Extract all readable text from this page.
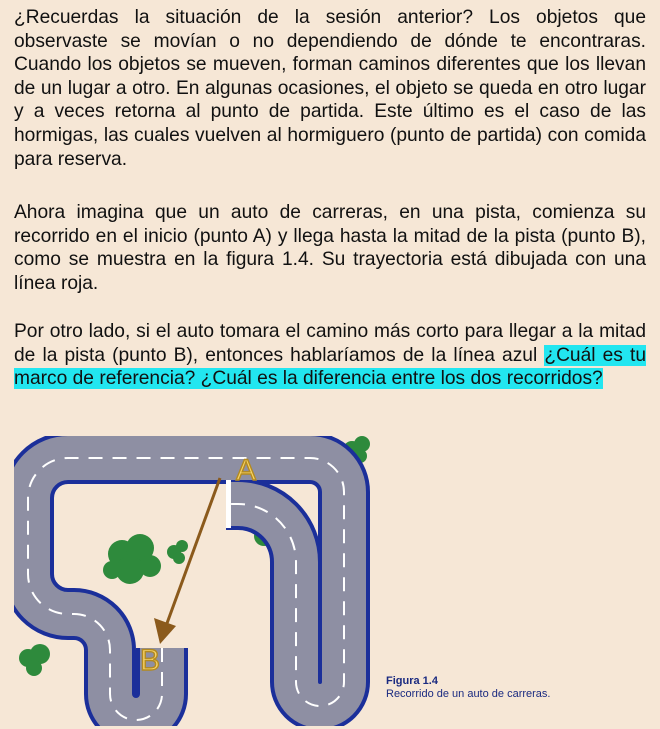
¿Recuerdas la situación de la sesión anterior? Los objetos que observaste se movían o no dependiendo de dónde te encontraras. Cuando los objetos se mueven, forman caminos diferentes que los llevan de un lugar a otro. En algunas ocasiones, el objeto se queda en otro lugar y a veces retorna al punto de partida. Este último es el caso de las hormigas, las cuales vuelven al hormiguero (punto de partida) con comida para reserva.

Ahora imagina que un auto de carreras, en una pista, comienza su recorrido en el inicio (punto A) y llega hasta la mitad de la pista (punto B), como se muestra en la figura 1.4. Su trayectoria está dibujada con una línea roja.

Por otro lado, si el auto tomara el camino más corto para llegar a la mitad de la pista (punto B), entonces hablaríamos de la línea azul ¿Cuál es tu marco de referencia? ¿Cuál es la diferencia entre los dos recorridos?

A
B
Figura 1.4
Recorrido de un auto de carreras.
